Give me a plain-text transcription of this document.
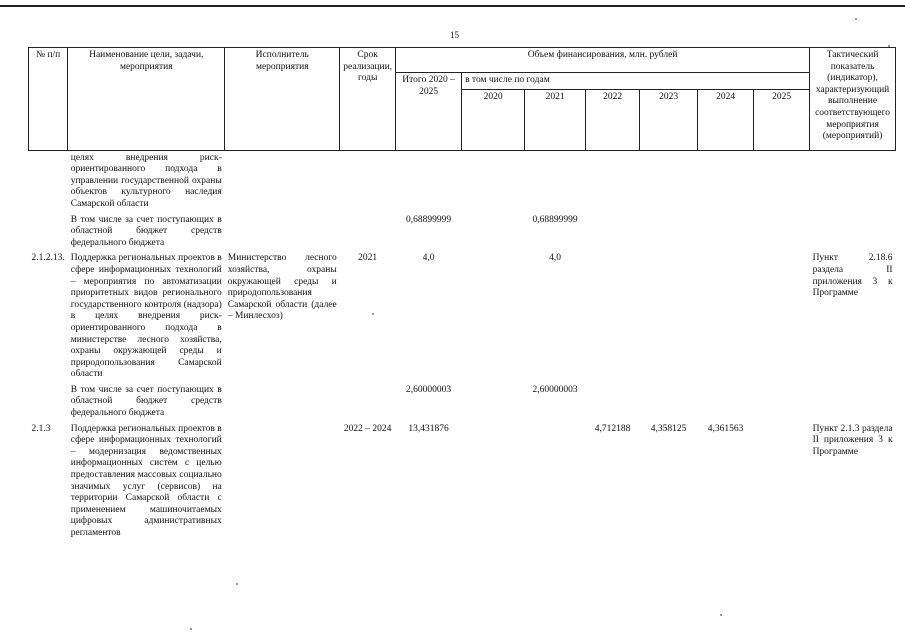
15
№ п/п	Наименование цели, задачи, мероприятия	Исполнитель мероприятия	Срок реализации, годы	Объем финансирования, млн. рублей							Тактический показатель (индикатор), характеризующий выполнение соответствующего мероприятия (мероприятий)
				Итого 2020 – 2025	в том числе по годам						
					2020	2021	2022	2023	2024	2025	
	целях внедрения риск-ориентированного подхода в управлении государственной охраны объектов культурного наследия Самарской области										
	В том числе за счет поступающих в областной бюджет средств федерального бюджета			0,68899999		0,68899999					
2.1.2.13.	Поддержка региональных проектов в сфере информационных технологий – мероприятия по автоматизации приоритетных видов регионального государственного контроля (надзора) в целях внедрения риск-ориентированного подхода в министерстве лесного хозяйства, охраны окружающей среды и природопользования Самарской области	Министерство лесного хозяйства, охраны окружающей среды и природопользования Самарской области (далее – Минлесхоз)	2021	4,0		4,0					Пункт 2.18.6 раздела II приложения 3 к Программе
	В том числе за счет поступающих в областной бюджет средств федерального бюджета			2,60000003		2,60000003					
2.1.3	Поддержка региональных проектов в сфере информационных технологий – модернизация ведомственных информационных систем с целью предоставления массовых социально значимых услуг (сервисов) на территории Самарской области с применением машиночитаемых цифровых административных регламентов		2022 – 2024	13,431876			4,712188	4,358125	4,361563		Пункт 2.1.3 раздела II приложения 3 к Программе
